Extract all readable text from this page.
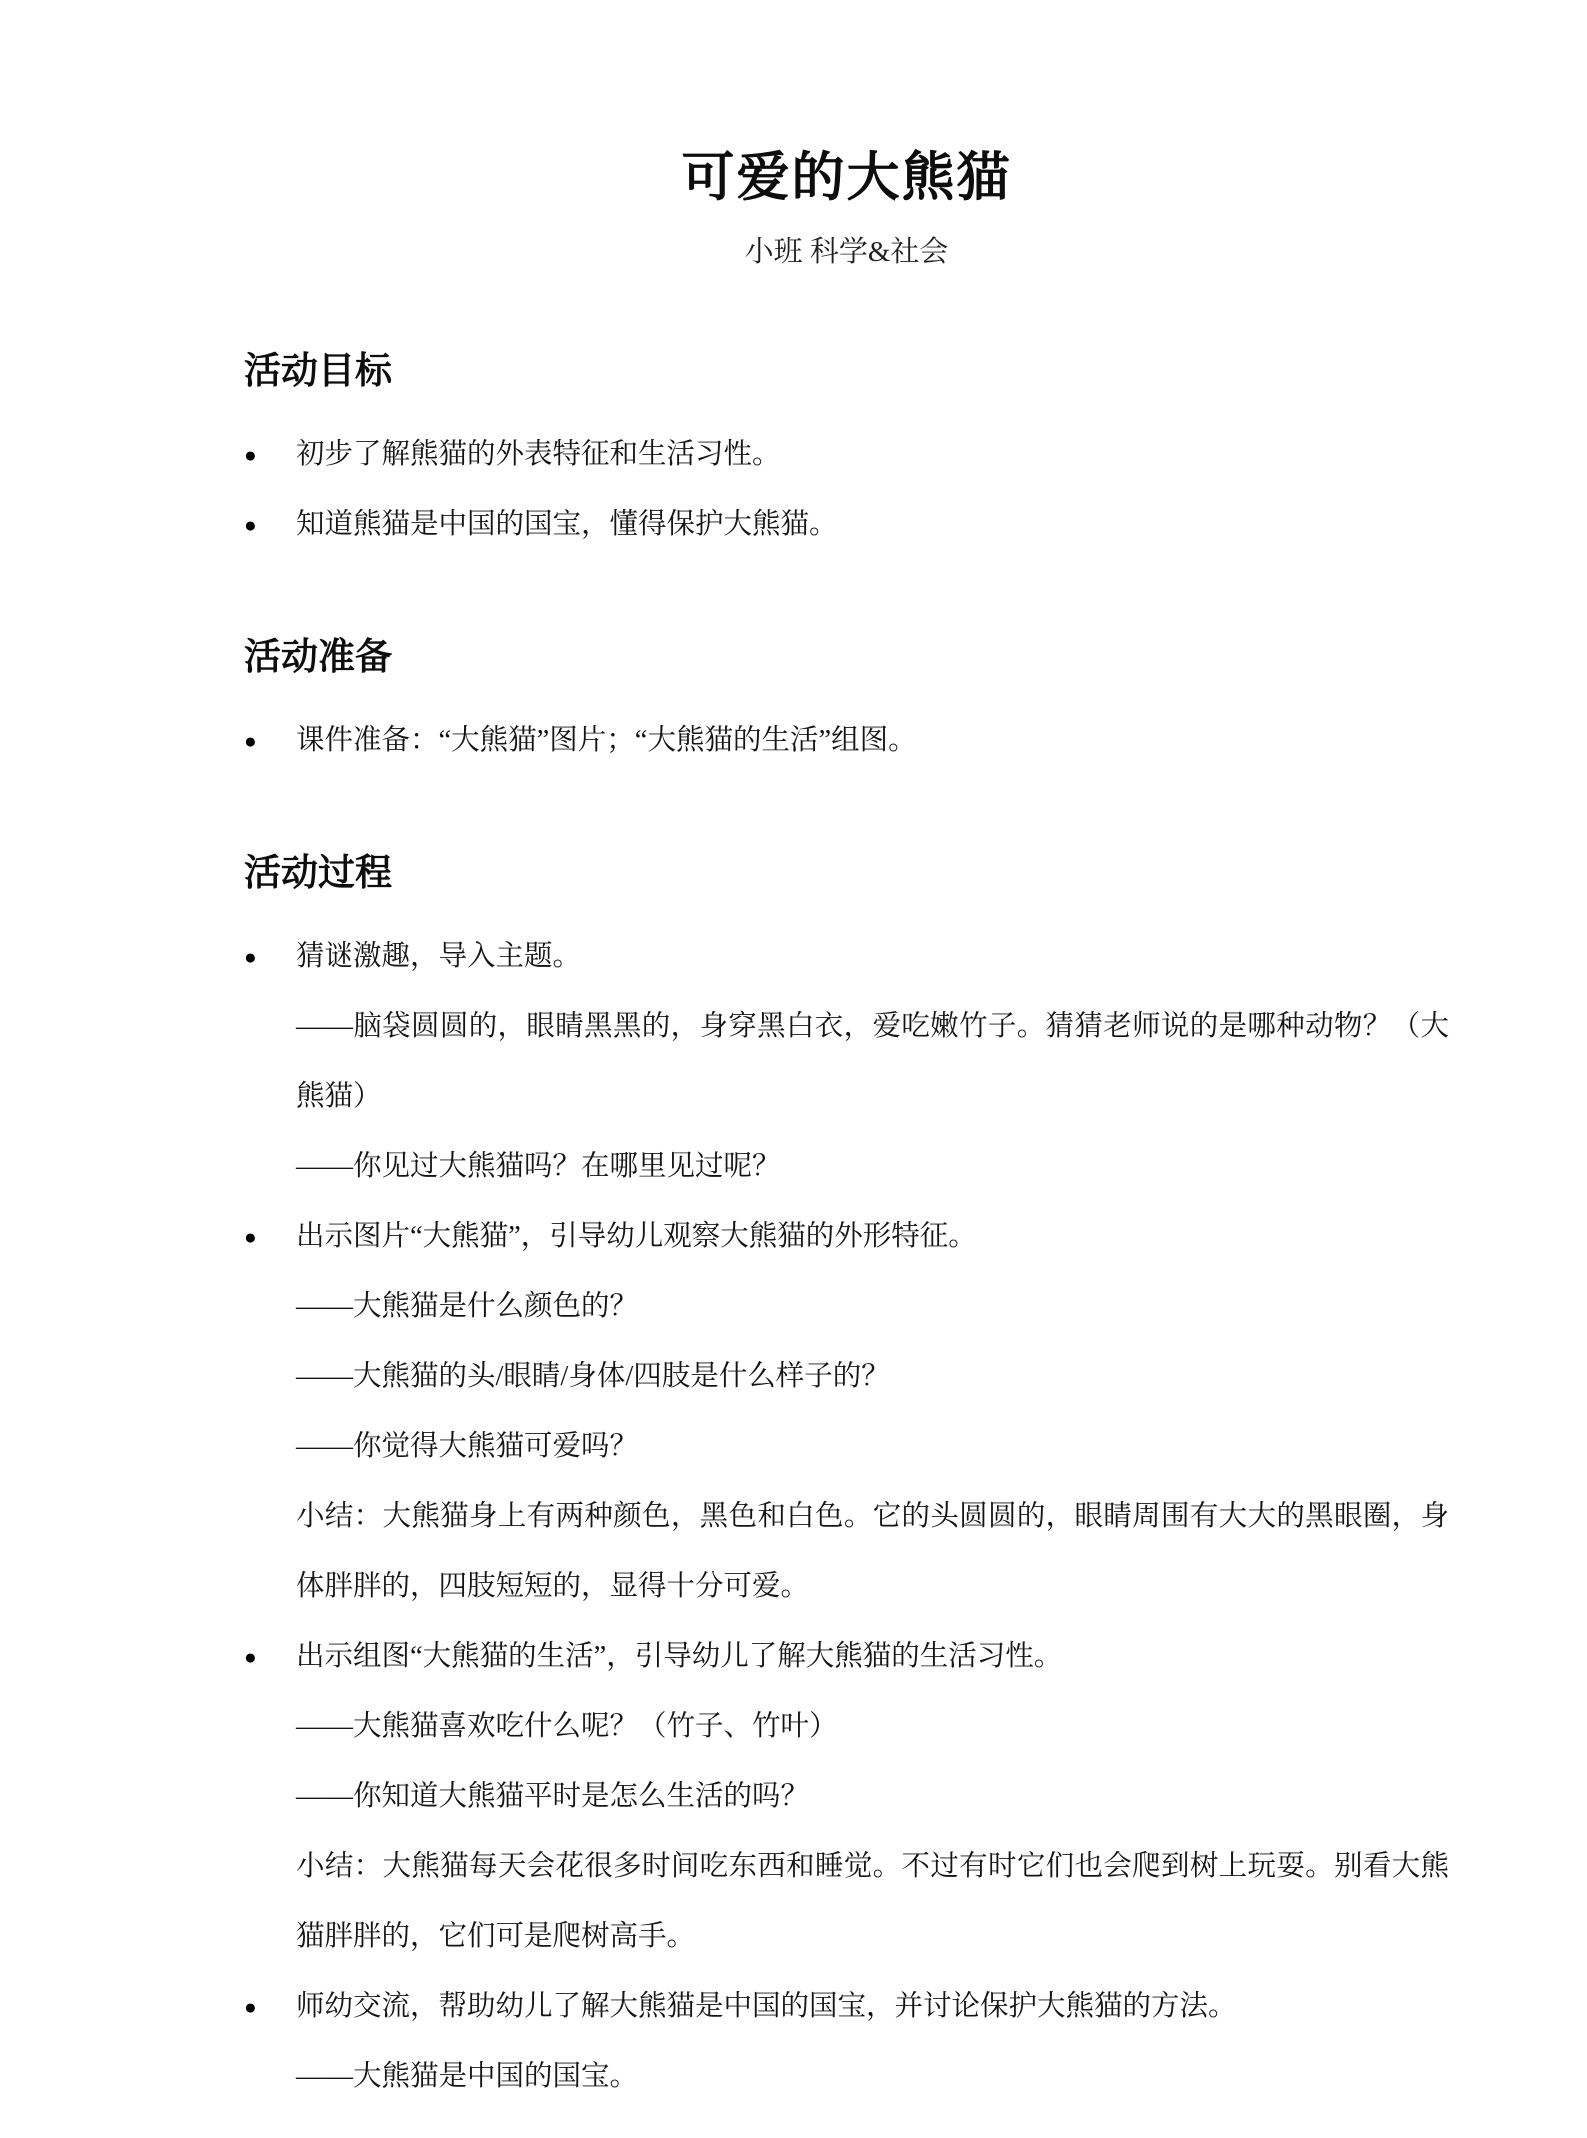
可爱的大熊猫

小班 科学&社会

活动目标
●	初步了解熊猫的外表特征和生活习性。

●	知道熊猫是中国的国宝，懂得保护大熊猫。

活动准备
●	课件准备：“大熊猫”图片；“大熊猫的生活”组图。

活动过程
●	猜谜激趣，导入主题。

——脑袋圆圆的，眼睛黑黑的，身穿黑白衣，爱吃嫩竹子。猜猜老师说的是哪种动物？（大熊猫）

——你见过大熊猫吗？在哪里见过呢？

●	出示图片“大熊猫”，引导幼儿观察大熊猫的外形特征。

——大熊猫是什么颜色的？

——大熊猫的头/眼睛/身体/四肢是什么样子的？

——你觉得大熊猫可爱吗？

小结：大熊猫身上有两种颜色，黑色和白色。它的头圆圆的，眼睛周围有大大的黑眼圈，身体胖胖的，四肢短短的，显得十分可爱。

●	出示组图“大熊猫的生活”，引导幼儿了解大熊猫的生活习性。

——大熊猫喜欢吃什么呢？（竹子、竹叶）

——你知道大熊猫平时是怎么生活的吗？

小结：大熊猫每天会花很多时间吃东西和睡觉。不过有时它们也会爬到树上玩耍。别看大熊猫胖胖的，它们可是爬树高手。

●	师幼交流，帮助幼儿了解大熊猫是中国的国宝，并讨论保护大熊猫的方法。

——大熊猫是中国的国宝。
